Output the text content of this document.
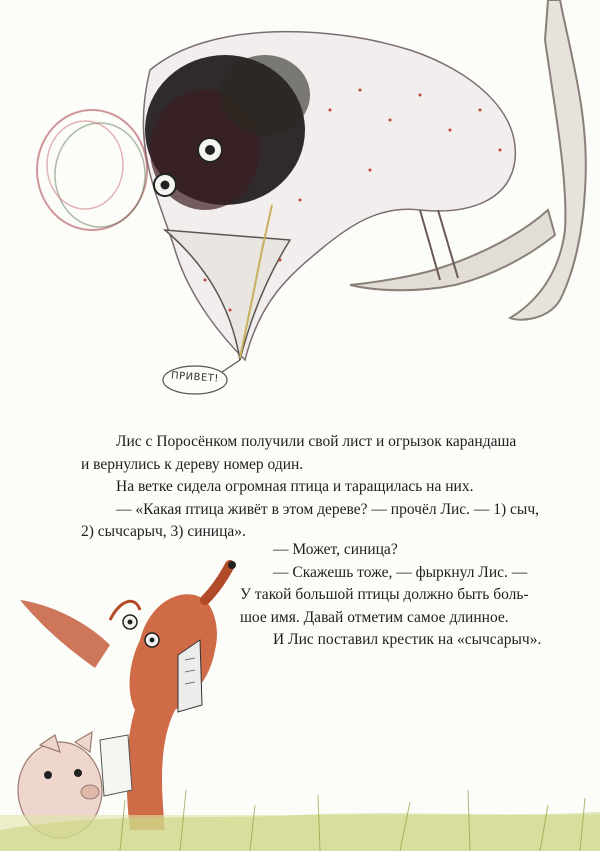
ПРИВЕТ!

Лис с Поросёнком получили свой лист и огрызок карандаша

и вернулись к дереву номер один.

На ветке сидела огромная птица и таращилась на них.

— «Какая птица живёт в этом дереве? — прочёл Лис. — 1) сыч,

2) сычсарыч, 3) синица».

— Может, синица?

— Скажешь тоже, — фыркнул Лис. —

У такой большой птицы должно быть боль-

шое имя. Давай отметим самое длинное.

И Лис поставил крестик на «сычсарыч».
